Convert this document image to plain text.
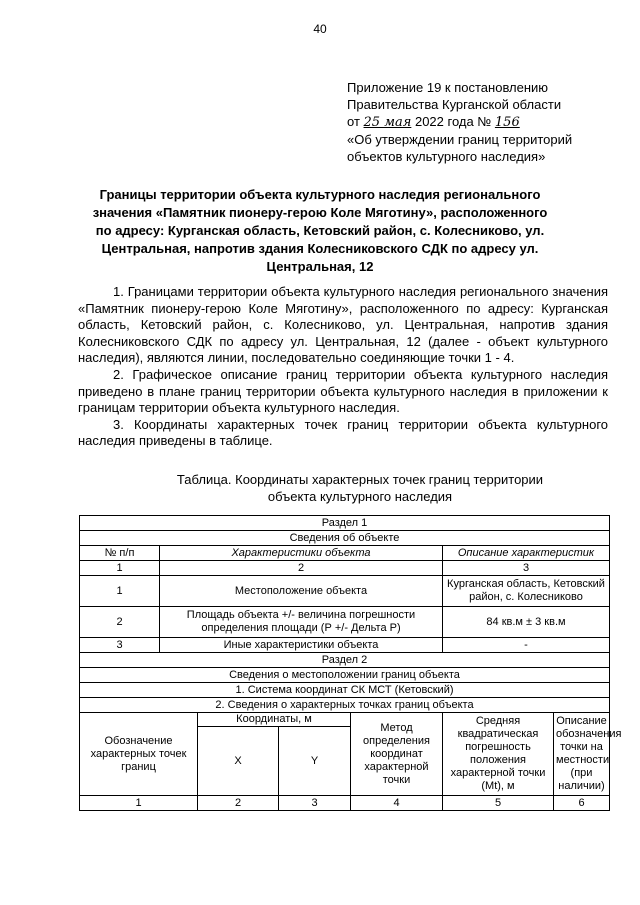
40
Приложение 19 к постановлению
Правительства Курганской области
от 25 мая 2022 года № 156
«Об утверждении границ территорий
объектов культурного наследия»
Границы территории объекта культурного наследия регионального значения «Памятник пионеру-герою Коле Мяготину», расположенного по адресу: Курганская область, Кетовский район, с. Колесниково, ул. Центральная, напротив здания Колесниковского СДК по адресу ул. Центральная, 12

1. Границами территории объекта культурного наследия регионального значения «Памятник пионеру-герою Коле Мяготину», расположенного по адресу: Курганская область, Кетовский район, с. Колесниково, ул. Центральная, напротив здания Колесниковского СДК по адресу ул. Центральная, 12 (далее - объект культурного наследия), являются линии, последовательно соединяющие точки 1 - 4.

2. Графическое описание границ территории объекта культурного наследия приведено в плане границ территории объекта культурного наследия в приложении к границам территории объекта культурного наследия.

3. Координаты характерных точек границ территории объекта культурного наследия приведены в таблице.

Таблица. Координаты характерных точек границ территории
объекта культурного наследия
Раздел 1						
Сведения об объекте						
№ п/п	Характеристики объекта				Описание характеристик	
1	2				3	
1	Местоположение объекта				Курганская область, Кетовский район, с. Колесниково	
2	Площадь объекта +/- величина погрешности определения площади (Р +/- Дельта Р)				84 кв.м ± 3 кв.м	
3	Иные характеристики объекта				-	
Раздел 2						
Сведения о местоположении границ объекта						
1. Система координат СК МСТ (Кетовский)						
2. Сведения о характерных точках границ объекта						
Обозначение характерных точек границ		Координаты, м		Метод определения координат характерной точки	Средняя квадратическая погрешность положения характерной точки (Mt), м	Описание обозначения точки на местности (при наличии)
		X	Y			
1		2	3	4	5	6
